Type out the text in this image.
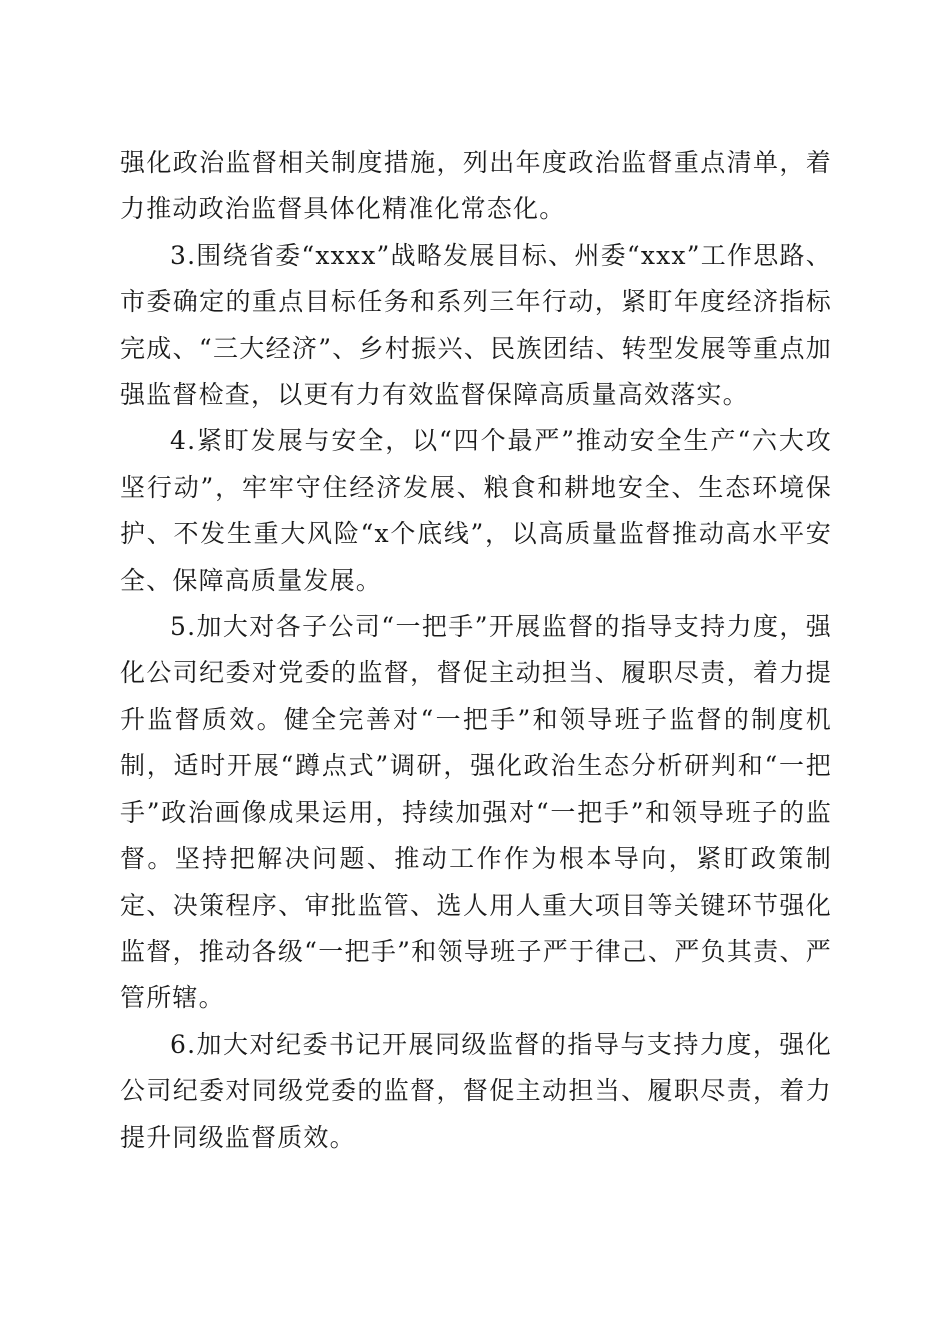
强化政治监督相关制度措施，列出年度政治监督重点清单，着力推动政治监督具体化精准化常态化。

3.围绕省委“xxxx”战略发展目标、州委“xxx”工作思路、市委确定的重点目标任务和系列三年行动，紧盯年度经济指标完成、“三大经济”、乡村振兴、民族团结、转型发展等重点加强监督检查，以更有力有效监督保障高质量高效落实。

4.紧盯发展与安全，以“四个最严”推动安全生产“六大攻坚行动”，牢牢守住经济发展、粮食和耕地安全、生态环境保护、不发生重大风险“x个底线”，以高质量监督推动高水平安全、保障高质量发展。

5.加大对各子公司“一把手”开展监督的指导支持力度，强化公司纪委对党委的监督，督促主动担当、履职尽责，着力提升监督质效。健全完善对“一把手”和领导班子监督的制度机制，适时开展“蹲点式”调研，强化政治生态分析研判和“一把手”政治画像成果运用，持续加强对“一把手”和领导班子的监督。坚持把解决问题、推动工作作为根本导向，紧盯政策制定、决策程序、审批监管、选人用人重大项目等关键环节强化监督，推动各级“一把手”和领导班子严于律己、严负其责、严管所辖。

6.加大对纪委书记开展同级监督的指导与支持力度，强化公司纪委对同级党委的监督，督促主动担当、履职尽责，着力提升同级监督质效。
